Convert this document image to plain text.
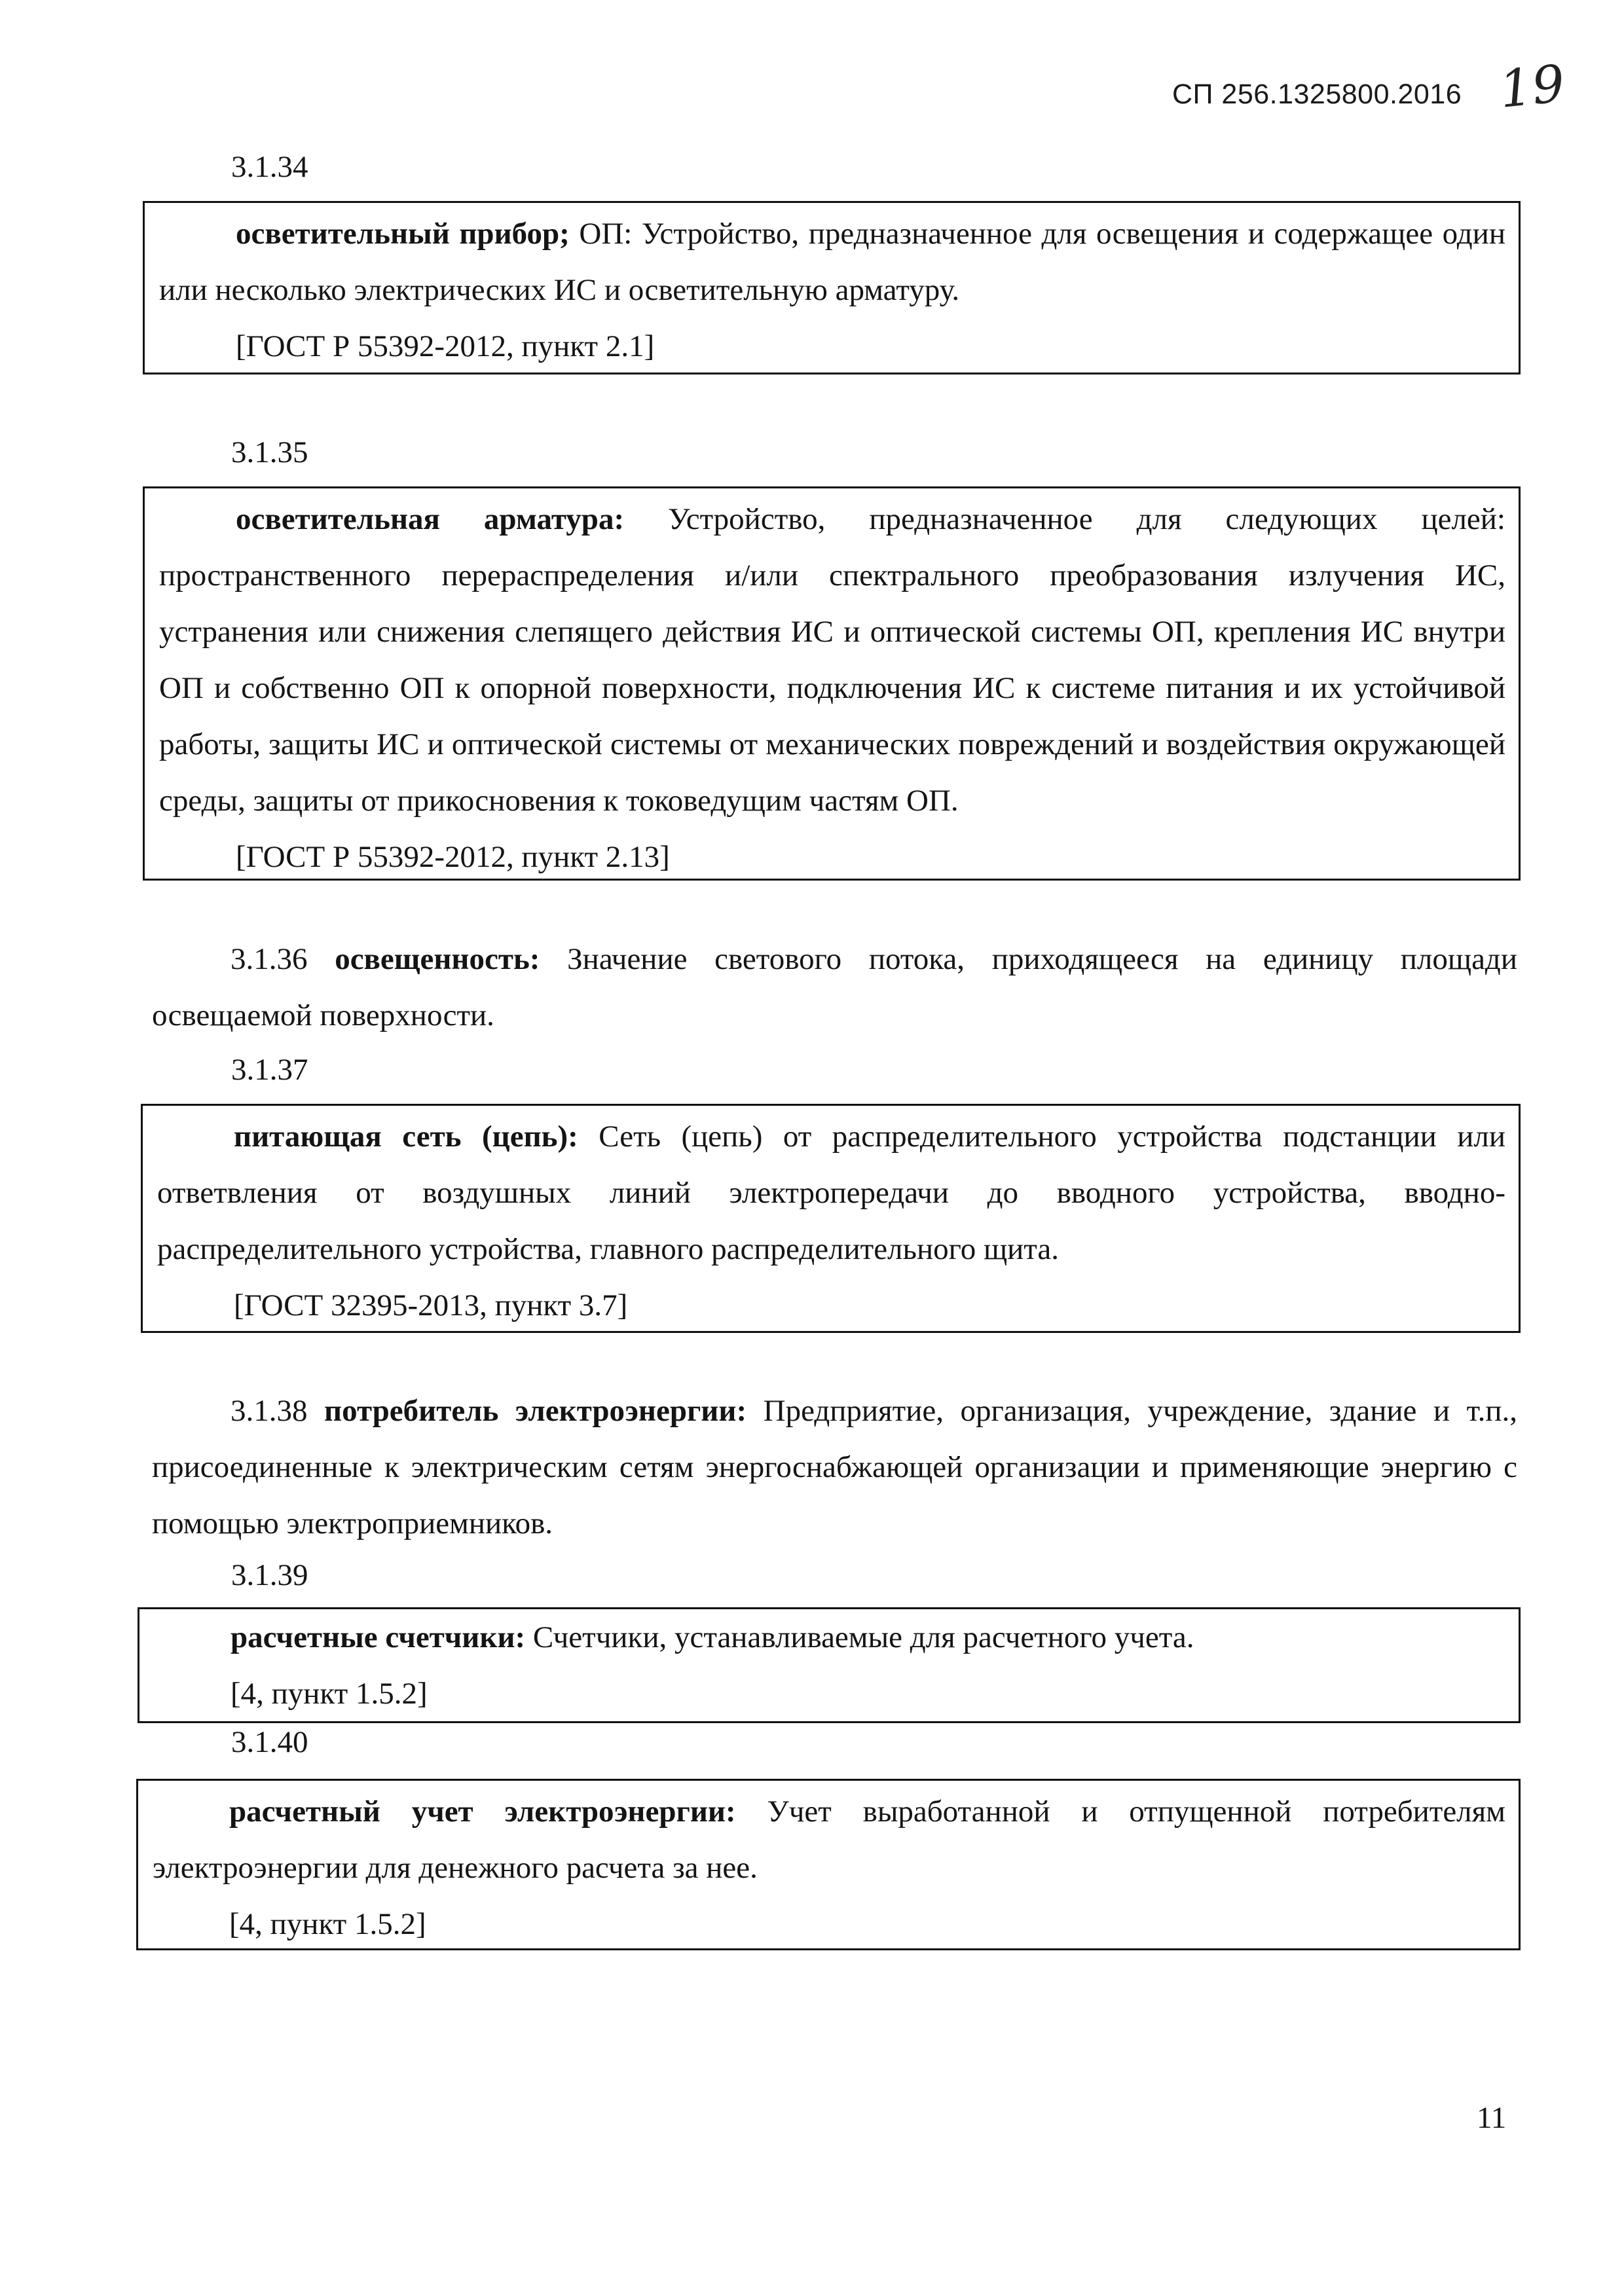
СП 256.1325800.2016 19
3.1.34

осветительный прибор; ОП: Устройство, предназначенное для освещения и содержащее один или несколько электрических ИС и осветительную арматуру.

[ГОСТ Р 55392-2012, пункт 2.1]

3.1.35

осветительная арматура: Устройство, предназначенное для следующих целей: пространственного перераспределения и/или спектрального преобразования излучения ИС, устранения или снижения слепящего действия ИС и оптической системы ОП, крепления ИС внутри ОП и собственно ОП к опорной поверхности, подключения ИС к системе питания и их устойчивой работы, защиты ИС и оптической системы от механических повреждений и воздействия окружающей среды, защиты от прикосновения к токоведущим частям ОП.

[ГОСТ Р 55392-2012, пункт 2.13]

3.1.36 освещенность: Значение светового потока, приходящееся на единицу площади освещаемой поверхности.

3.1.37

питающая сеть (цепь): Сеть (цепь) от распределительного устройства подстанции или ответвления от воздушных линий электропередачи до вводного устройства, вводно-распределительного устройства, главного распределительного щита.

[ГОСТ 32395-2013, пункт 3.7]

3.1.38 потребитель электроэнергии: Предприятие, организация, учреждение, здание и т.п., присоединенные к электрическим сетям энергоснабжающей организации и применяющие энергию с помощью электроприемников.

3.1.39

расчетные счетчики: Счетчики, устанавливаемые для расчетного учета.

[4, пункт 1.5.2]

3.1.40

расчетный учет электроэнергии: Учет выработанной и отпущенной потребителям электроэнергии для денежного расчета за нее.

[4, пункт 1.5.2]

11
